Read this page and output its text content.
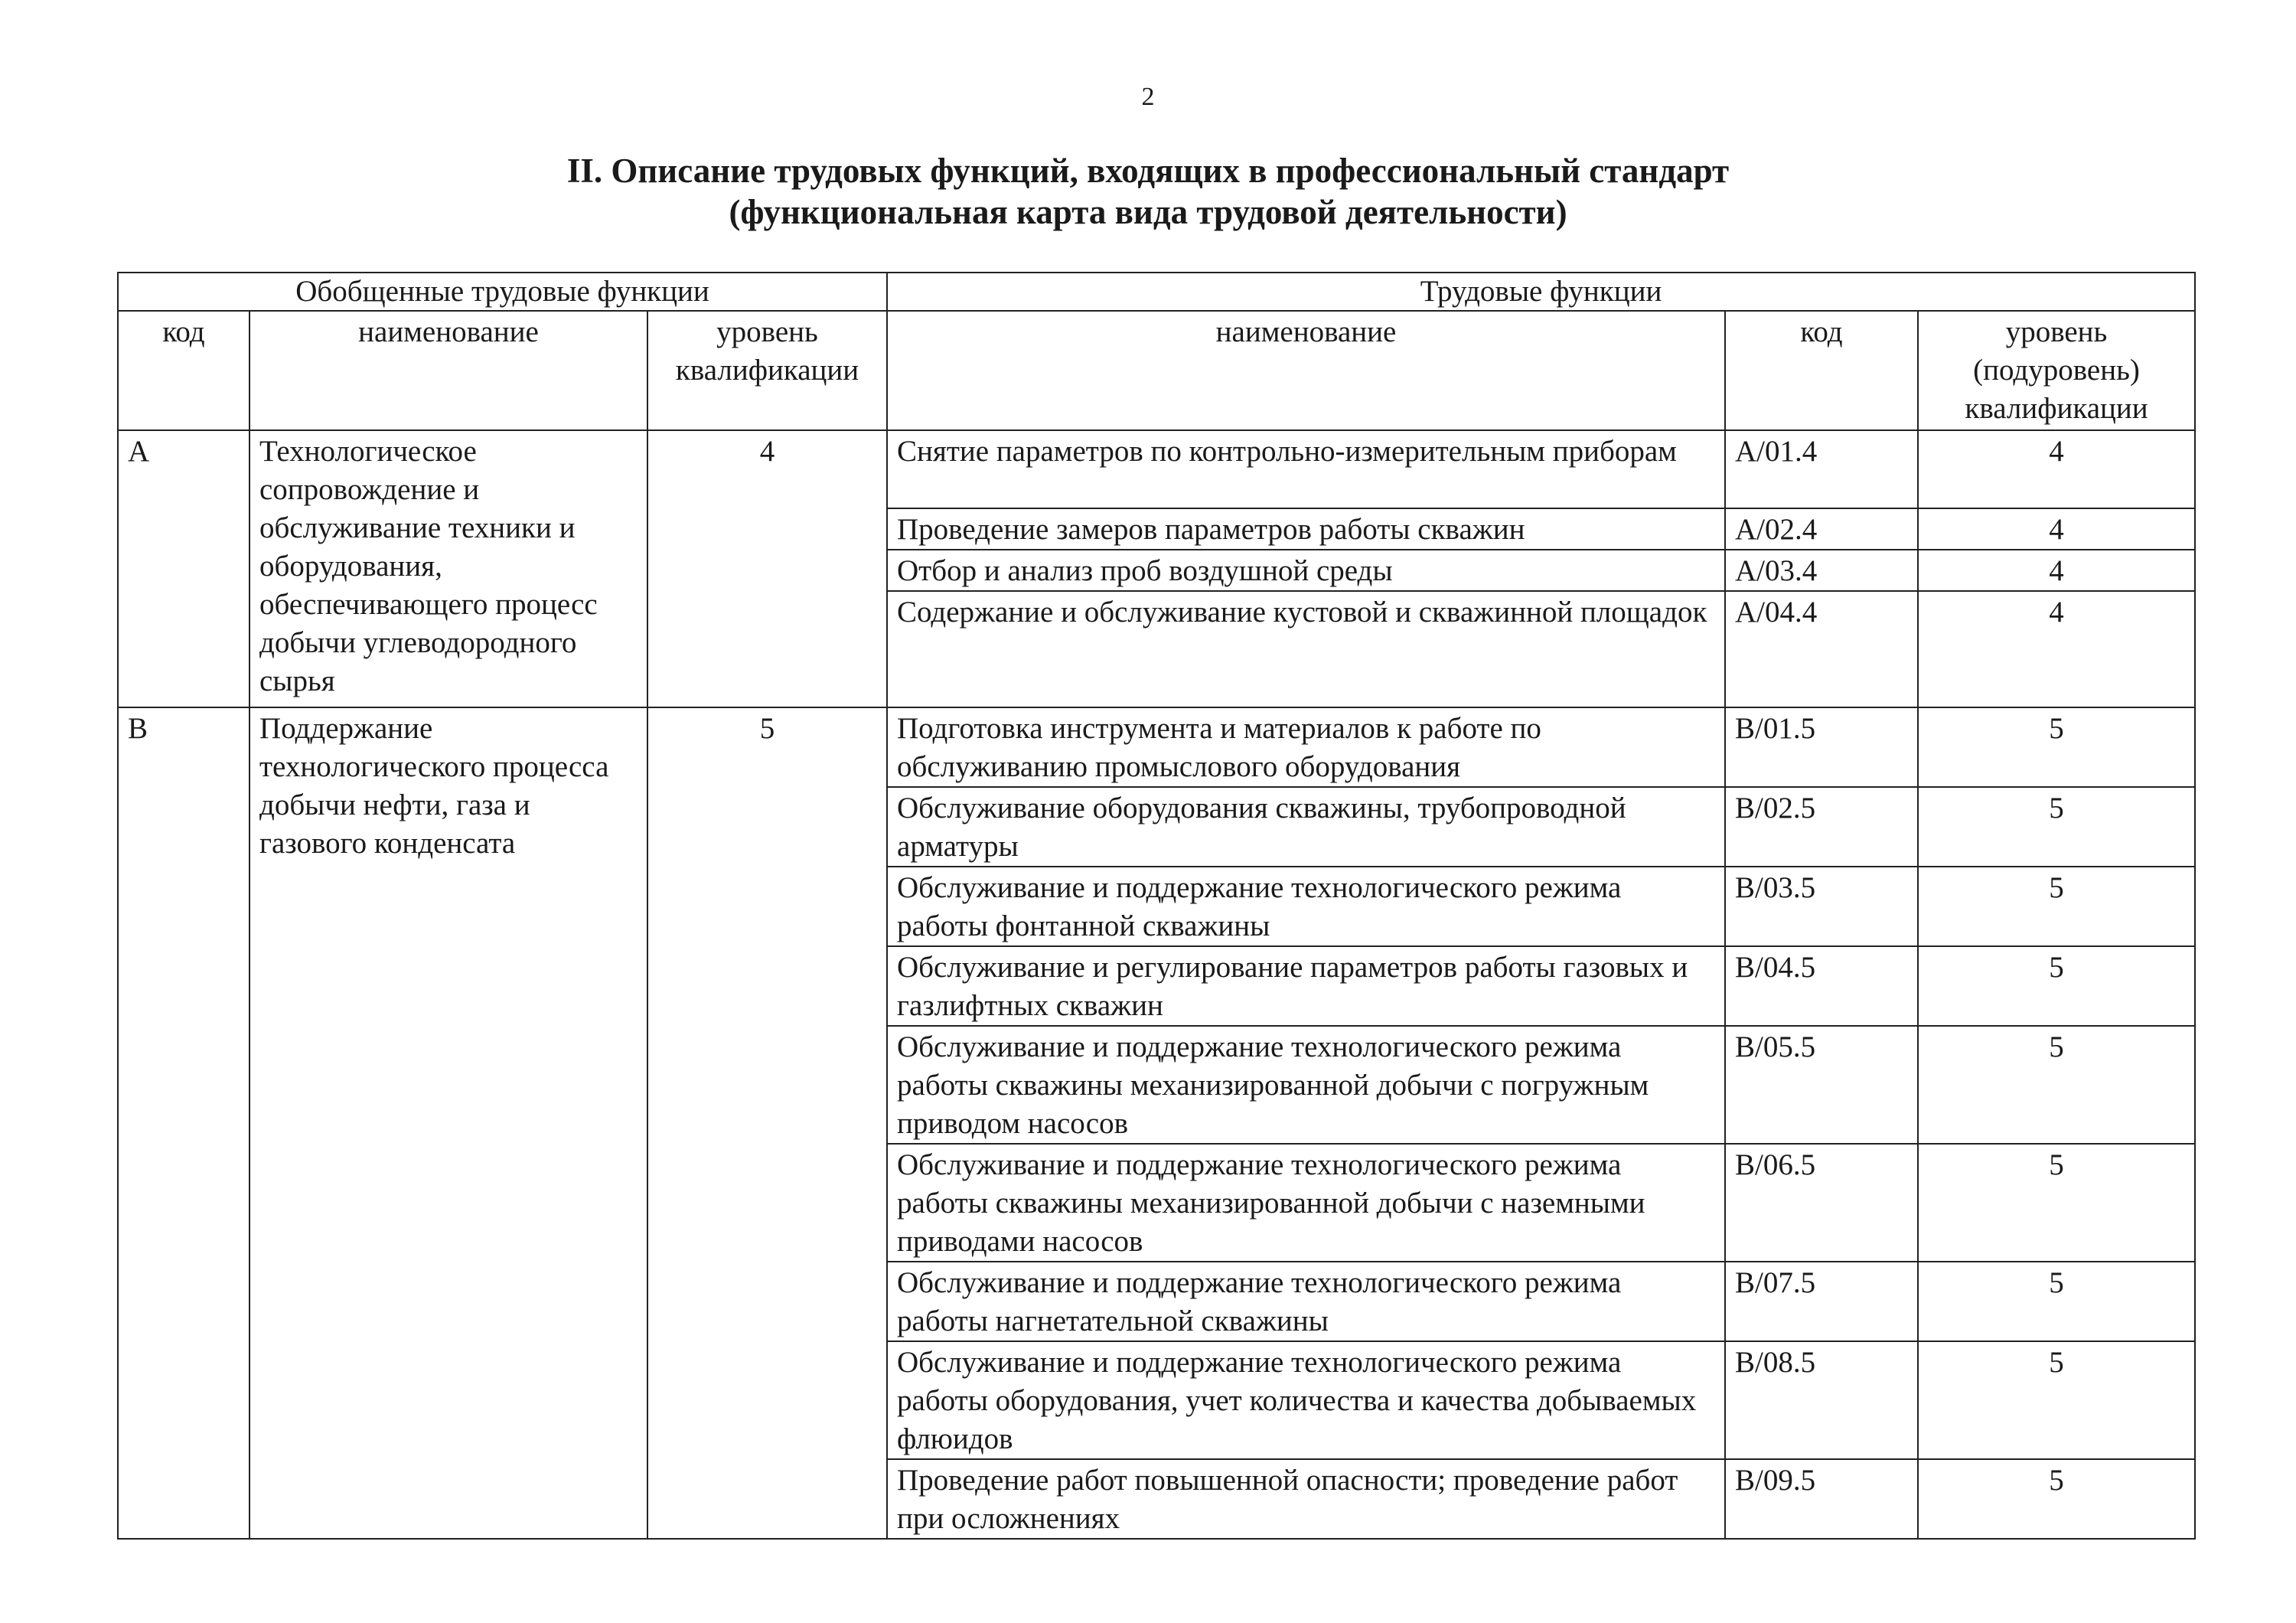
2
II. Описание трудовых функций, входящих в профессиональный стандарт
(функциональная карта вида трудовой деятельности)
Обобщенные трудовые функции			Трудовые функции		
код	наименование	уровень квалификации	наименование	код	уровень (подуровень) квалификации
A	Технологическое сопровождение и обслуживание техники и оборудования, обеспечивающего процесс добычи углеводородного сырья	4	Снятие параметров по контрольно-измерительным приборам	A/01.4	4
			Проведение замеров параметров работы скважин	A/02.4	4
			Отбор и анализ проб воздушной среды	A/03.4	4
			Содержание и обслуживание кустовой и скважинной площадок	A/04.4	4
B	Поддержание технологического процесса добычи нефти, газа и газового конденсата	5	Подготовка инструмента и материалов к работе по обслуживанию промыслового оборудования	B/01.5	5
			Обслуживание оборудования скважины, трубопроводной арматуры	B/02.5	5
			Обслуживание и поддержание технологического режима работы фонтанной скважины	B/03.5	5
			Обслуживание и регулирование параметров работы газовых и газлифтных скважин	B/04.5	5
			Обслуживание и поддержание технологического режима работы скважины механизированной добычи с погружным приводом насосов	B/05.5	5
			Обслуживание и поддержание технологического режима работы скважины механизированной добычи с наземными приводами насосов	B/06.5	5
			Обслуживание и поддержание технологического режима работы нагнетательной скважины	B/07.5	5
			Обслуживание и поддержание технологического режима работы оборудования, учет количества и качества добываемых флюидов	B/08.5	5
			Проведение работ повышенной опасности; проведение работ при осложнениях	B/09.5	5
